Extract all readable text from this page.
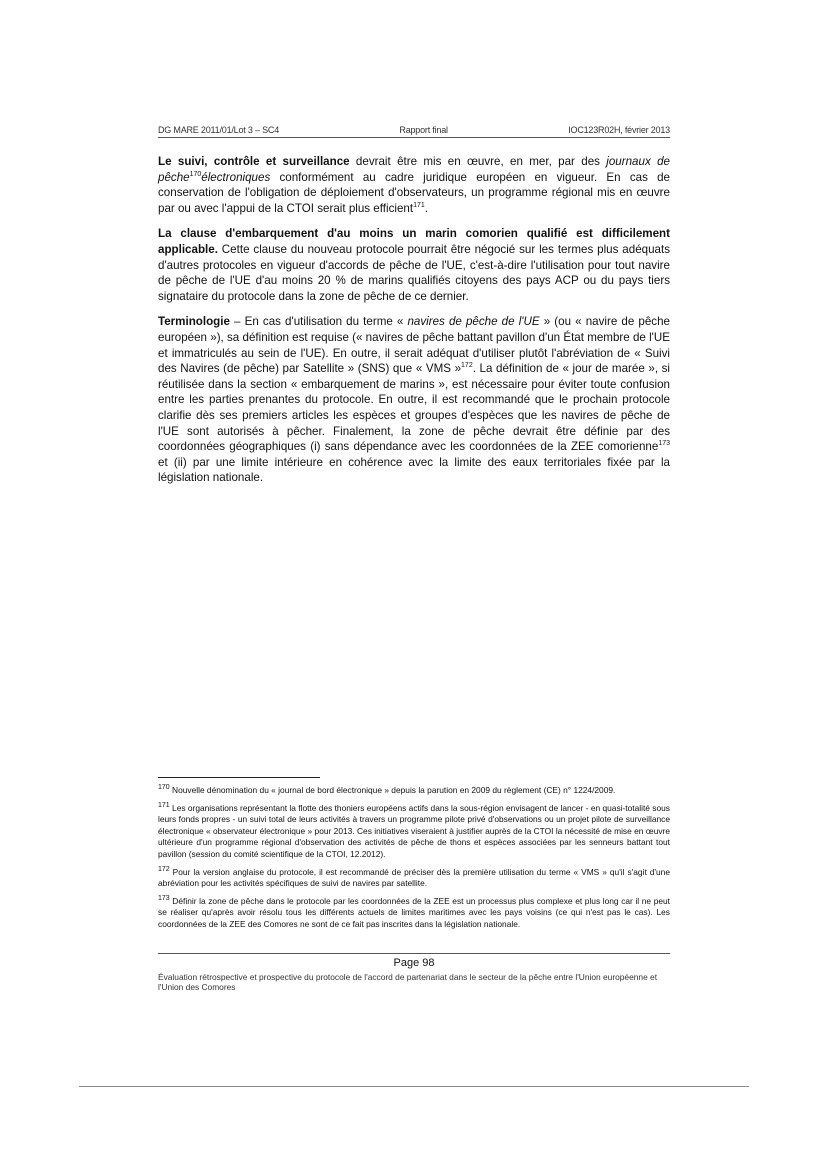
DG MARE 2011/01/Lot 3 – SC4	Rapport final	IOC123R02H, février 2013

Le suivi, contrôle et surveillance devrait être mis en œuvre, en mer, par des journaux de pêche$^{170}$électroniques conformément au cadre juridique européen en vigueur. En cas de conservation de l'obligation de déploiement d'observateurs, un programme régional mis en œuvre par ou avec l'appui de la CTOI serait plus efficient$^{171}$.

La clause d'embarquement d'au moins un marin comorien qualifié est difficilement applicable. Cette clause du nouveau protocole pourrait être négocié sur les termes plus adéquats d'autres protocoles en vigueur d'accords de pêche de l'UE, c'est-à-dire l'utilisation pour tout navire de pêche de l'UE d'au moins 20 % de marins qualifiés citoyens des pays ACP ou du pays tiers signataire du protocole dans la zone de pêche de ce dernier.

Terminologie – En cas d'utilisation du terme « navires de pêche de l'UE » (ou « navire de pêche européen »), sa définition est requise (« navires de pêche battant pavillon d'un État membre de l'UE et immatriculés au sein de l'UE). En outre, il serait adéquat d'utiliser plutôt l'abréviation de « Suivi des Navires (de pêche) par Satellite » (SNS) que « VMS »$^{172}$. La définition de « jour de marée », si réutilisée dans la section « embarquement de marins », est nécessaire pour éviter toute confusion entre les parties prenantes du protocole. En outre, il est recommandé que le prochain protocole clarifie dès ses premiers articles les espèces et groupes d'espèces que les navires de pêche de l'UE sont autorisés à pêcher. Finalement, la zone de pêche devrait être définie par des coordonnées géographiques (i) sans dépendance avec les coordonnées de la ZEE comorienne$^{173}$ et (ii) par une limite intérieure en cohérence avec la limite des eaux territoriales fixée par la législation nationale.

$^{170}$ Nouvelle dénomination du « journal de bord électronique » depuis la parution en 2009 du règlement (CE) n° 1224/2009.

$^{171}$ Les organisations représentant la flotte des thoniers européens actifs dans la sous-région envisagent de lancer - en quasi-totalité sous leurs fonds propres - un suivi total de leurs activités à travers un programme pilote privé d'observations ou un projet pilote de surveillance électronique « observateur électronique » pour 2013. Ces initiatives viseraient à justifier auprès de la CTOI la nécessité de mise en œuvre ultérieure d'un programme régional d'observation des activités de pêche de thons et espèces associées par les senneurs battant tout pavillon (session du comité scientifique de la CTOI, 12.2012).

$^{172}$ Pour la version anglaise du protocole, il est recommandé de préciser dès la première utilisation du terme « VMS » qu'il s'agit d'une abréviation pour les activités spécifiques de suivi de navires par satellite.

$^{173}$ Définir la zone de pêche dans le protocole par les coordonnées de la ZEE est un processus plus complexe et plus long car il ne peut se réaliser qu'après avoir résolu tous les différents actuels de limites maritimes avec les pays voisins (ce qui n'est pas le cas). Les coordonnées de la ZEE des Comores ne sont de ce fait pas inscrites dans la législation nationale.

Page 98
Évaluation rétrospective et prospective du protocole de l'accord de partenariat dans le secteur de la pêche entre l'Union européenne et l'Union des Comores
